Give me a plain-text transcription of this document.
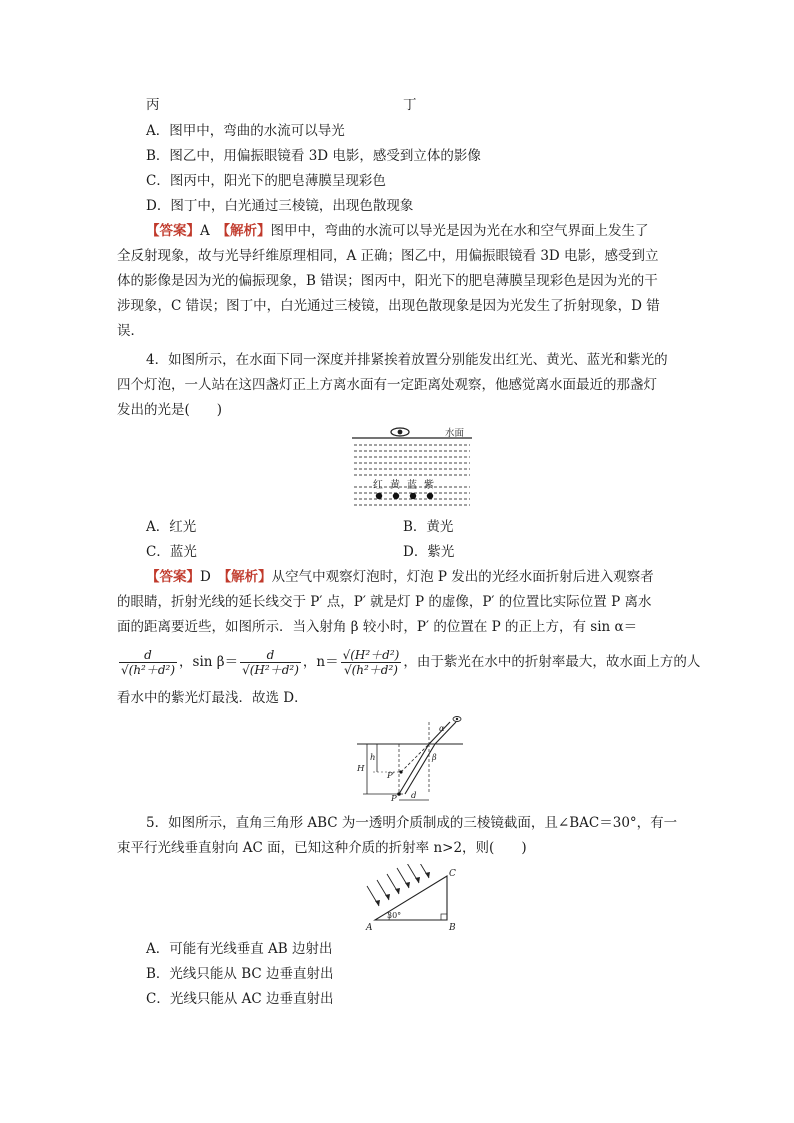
丙	丁
A．图甲中，弯曲的水流可以导光
B．图乙中，用偏振眼镜看 3D 电影，感受到立体的影像
C．图丙中，阳光下的肥皂薄膜呈现彩色
D．图丁中，白光通过三棱镜，出现色散现象
【答案】A　 【解析】图甲中，弯曲的水流可以导光是因为光在水和空气界面上发生了
全反射现象，故与光导纤维原理相同，A 正确；图乙中，用偏振眼镜看 3D 电影，感受到立
体的影像是因为光的偏振现象，B 错误；图丙中，阳光下的肥皂薄膜呈现彩色是因为光的干
涉现象，C 错误；图丁中，白光通过三棱镜，出现色散现象是因为光发生了折射现象，D 错
误．
4．如图所示，在水面下同一深度并排紧挨着放置分别能发出红光、黄光、蓝光和紫光的
四个灯泡，一人站在这四盏灯正上方离水面有一定距离处观察，他感觉离水面最近的那盏灯
发出的光是(　　)
水面
红 黄 蓝 紫
A．红光	B．黄光
C．蓝光	D．紫光
【答案】D　 【解析】从空气中观察灯泡时，灯泡 P 发出的光经水面折射后进入观察者
的眼睛，折射光线的延长线交于 P′ 点，P′ 就是灯 P 的虚像，P′ 的位置比实际位置 P 离水
面的距离要近些，如图所示．当入射角 β 较小时，P′ 的位置在 P 的正上方，有 sin α＝
$\frac{d}{\text{√(h²＋d²)}}$ ，$\sin \beta= \frac{d}{\text{√(H²＋d²)}}$ ，$n= \frac{\text{√(H²＋d²)}}{\text{√(h²＋d²)}}$ ，由于紫光在水中的折射率最大，故水面上方的人
看水中的紫光灯最浅．故选 D．
H
h
P′
P d
α
β
5．如图所示，直角三角形 ABC 为一透明介质制成的三棱镜截面，且∠BAC＝30°，有一
束平行光线垂直射向 AC 面，已知这种介质的折射率 n>2，则(　　)
A	B
C
30°
A．可能有光线垂直 AB 边射出
B．光线只能从 BC 边垂直射出
C．光线只能从 AC 边垂直射出
